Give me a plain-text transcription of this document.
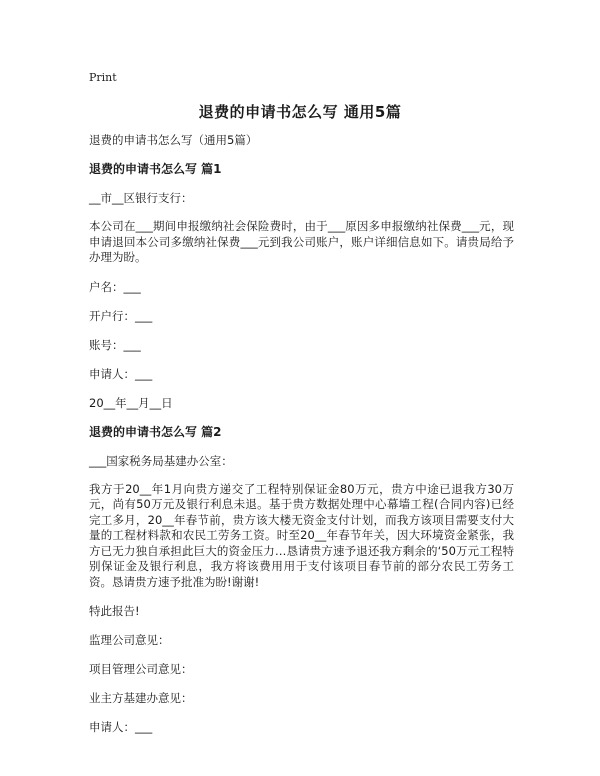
Print
退费的申请书怎么写 通用5篇

退费的申请书怎么写（通用5篇）

退费的申请书怎么写 篇1

__市__区银行支行：

本公司在___期间申报缴纳社会保险费时，由于___原因多申报缴纳社保费___元，现申请退回本公司多缴纳社保费___元到我公司账户，账户详细信息如下。请贵局给予办理为盼。

户名：___

开户行：___

账号：___

申请人：___

20__年__月__日

退费的申请书怎么写 篇2

___国家税务局基建办公室：

我方于20__年1月向贵方递交了工程特别保证金80万元，贵方中途已退我方30万元，尚有50万元及银行利息未退。基于贵方数据处理中心幕墙工程(合同内容)已经完工多月，20__年春节前，贵方该大楼无资金支付计划，而我方该项目需要支付大量的工程材料款和农民工劳务工资。时至20__年春节年关，因大环境资金紧张，我方已无力独自承担此巨大的资金压力…恳请贵方速予退还我方剩余的‘50万元工程特别保证金及银行利息，我方将该费用用于支付该项目春节前的部分农民工劳务工资。恳请贵方速予批准为盼!谢谢!

特此报告!

监理公司意见：

项目管理公司意见：

业主方基建办意见：

申请人：___
